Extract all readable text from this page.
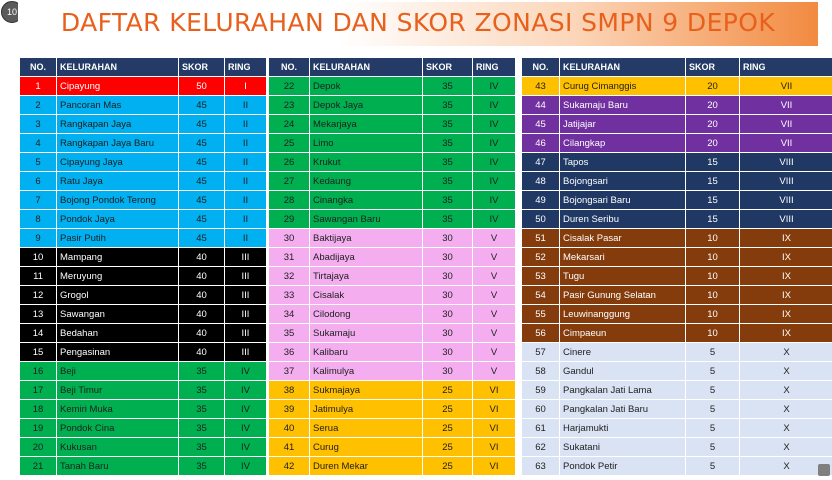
10	DAFTAR KELURAHAN DAN SKOR ZONASI SMPN 9 DEPOK
NO.	KELURAHAN	SKOR	RING
1	Cipayung	50	I
2	Pancoran Mas	45	II
3	Rangkapan Jaya	45	II
4	Rangkapan Jaya Baru	45	II
5	Cipayung Jaya	45	II
6	Ratu Jaya	45	II
7	Bojong Pondok Terong	45	II
8	Pondok Jaya	45	II
9	Pasir Putih	45	II
10	Mampang	40	III
11	Meruyung	40	III
12	Grogol	40	III
13	Sawangan	40	III
14	Bedahan	40	III
15	Pengasinan	40	III
16	Beji	35	IV
17	Beji Timur	35	IV
18	Kemiri Muka	35	IV
19	Pondok Cina	35	IV
20	Kukusan	35	IV
21	Tanah Baru	35	IV
NO.	KELURAHAN	SKOR	RING
22	Depok	35	IV
23	Depok Jaya	35	IV
24	Mekarjaya	35	IV
25	Limo	35	IV
26	Krukut	35	IV
27	Kedaung	35	IV
28	Cinangka	35	IV
29	Sawangan Baru	35	IV
30	Baktijaya	30	V
31	Abadijaya	30	V
32	Tirtajaya	30	V
33	Cisalak	30	V
34	Cilodong	30	V
35	Sukamaju	30	V
36	Kalibaru	30	V
37	Kalimulya	30	V
38	Sukmajaya	25	VI
39	Jatimulya	25	VI
40	Serua	25	VI
41	Curug	25	VI
42	Duren Mekar	25	VI
NO.	KELURAHAN	SKOR	RING
43	Curug Cimanggis	20	VII
44	Sukamaju Baru	20	VII
45	Jatijajar	20	VII
46	Cilangkap	20	VII
47	Tapos	15	VIII
48	Bojongsari	15	VIII
49	Bojongsari Baru	15	VIII
50	Duren Seribu	15	VIII
51	Cisalak Pasar	10	IX
52	Mekarsari	10	IX
53	Tugu	10	IX
54	Pasir Gunung Selatan	10	IX
55	Leuwinanggung	10	IX
56	Cimpaeun	10	IX
57	Cinere	5	X
58	Gandul	5	X
59	Pangkalan Jati Lama	5	X
60	Pangkalan Jati Baru	5	X
61	Harjamukti	5	X
62	Sukatani	5	X
63	Pondok Petir	5	X
